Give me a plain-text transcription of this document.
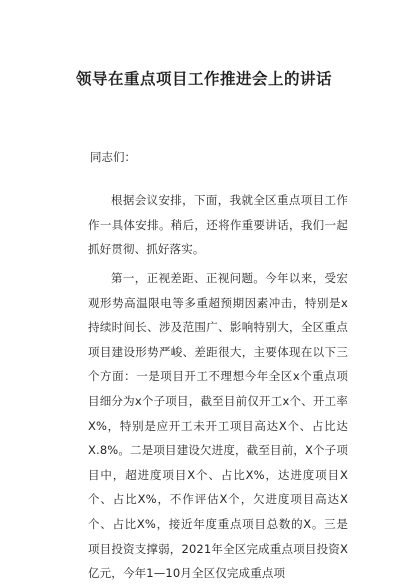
领导在重点项目工作推进会上的讲话
同志们：

根据会议安排，下面，我就全区重点项目工作作一具体安排。稍后，还将作重要讲话，我们一起抓好贯彻、抓好落实。

第一，正视差距、正视问题。今年以来，受宏观形势高温限电等多重超预期因素冲击，特别是x持续时间长、涉及范围广、影响特别大，全区重点项目建设形势严峻、差距很大，主要体现在以下三个方面：一是项目开工不理想今年全区x个重点项目细分为x个子项目，截至目前仅开工x个、开工率X%，特别是应开工未开工项目高达X个、占比达X.8%。二是项目建设欠进度，截至目前，X个子项目中，超进度项目X个、占比X%，达进度项目X个、占比X%，不作评估X个，欠进度项目高达X个、占比X%，接近年度重点项目总数的X。三是项目投资支撑弱，2021年全区完成重点项目投资X亿元，今年1—10月全区仅完成重点项
